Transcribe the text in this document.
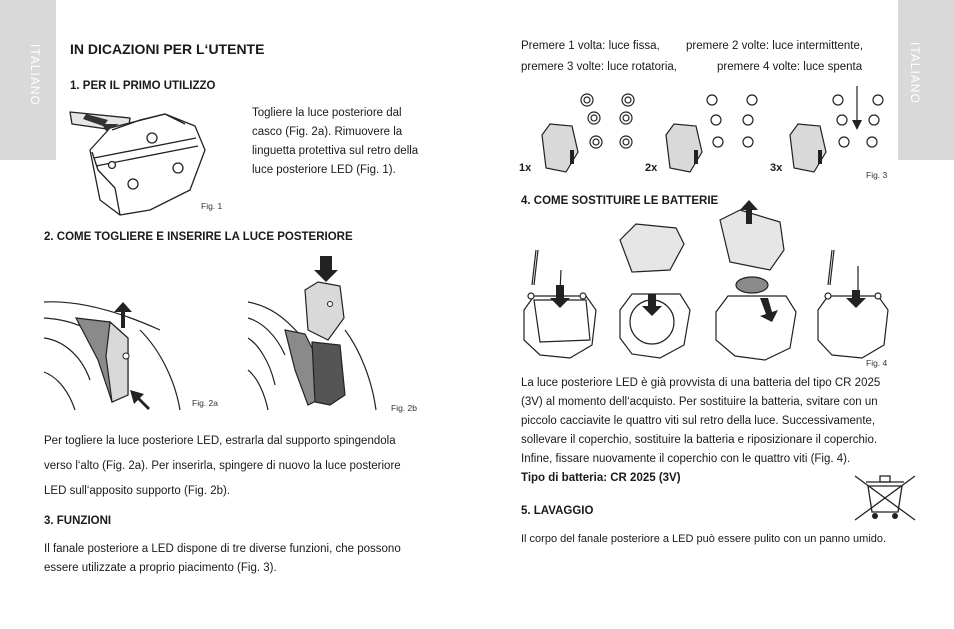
ITALIANO	ITALIANO
IN DICAZIONI PER L‘UTENTE
1. PER IL PRIMO UTILIZZO
Togliere la luce posteriore dal
casco (Fig. 2a). Rimuovere la
linguetta protettiva sul retro della
luce posteriore LED (Fig. 1).
Fig. 1
2. COME TOGLIERE E INSERIRE LA LUCE POSTERIORE
Fig. 2a	Fig. 2b
Per togliere la luce posteriore LED, estrarla dal supporto spingendola
verso l‘alto (Fig. 2a). Per inserirla, spingere di nuovo la luce posteriore
LED sull‘apposito supporto (Fig. 2b).
3. FUNZIONI
Il fanale posteriore a LED dispone di tre diverse funzioni, che possono
essere utilizzate a proprio piacimento (Fig. 3).
Premere 1 volta: luce fissa, premere 2 volte: luce intermittente,
premere 3 volte: luce rotatoria,	premere 4 volte: luce spenta
1x	2x	3x
Fig. 3
4. COME SOSTITUIRE LE BATTERIE
Fig. 4
La luce posteriore LED è già provvista di una batteria del tipo CR 2025
(3V) al momento dell‘acquisto. Per sostituire la batteria, svitare con un
piccolo cacciavite le quattro viti sul retro della luce. Successivamente,
sollevare il coperchio, sostituire la batteria e riposizionare il coperchio.
Infine, fissare nuovamente il coperchio con le quattro viti (Fig. 4).
Tipo di batteria: CR 2025 (3V)
5. LAVAGGIO
Il corpo del fanale posteriore a LED può essere pulito con un panno umido.
